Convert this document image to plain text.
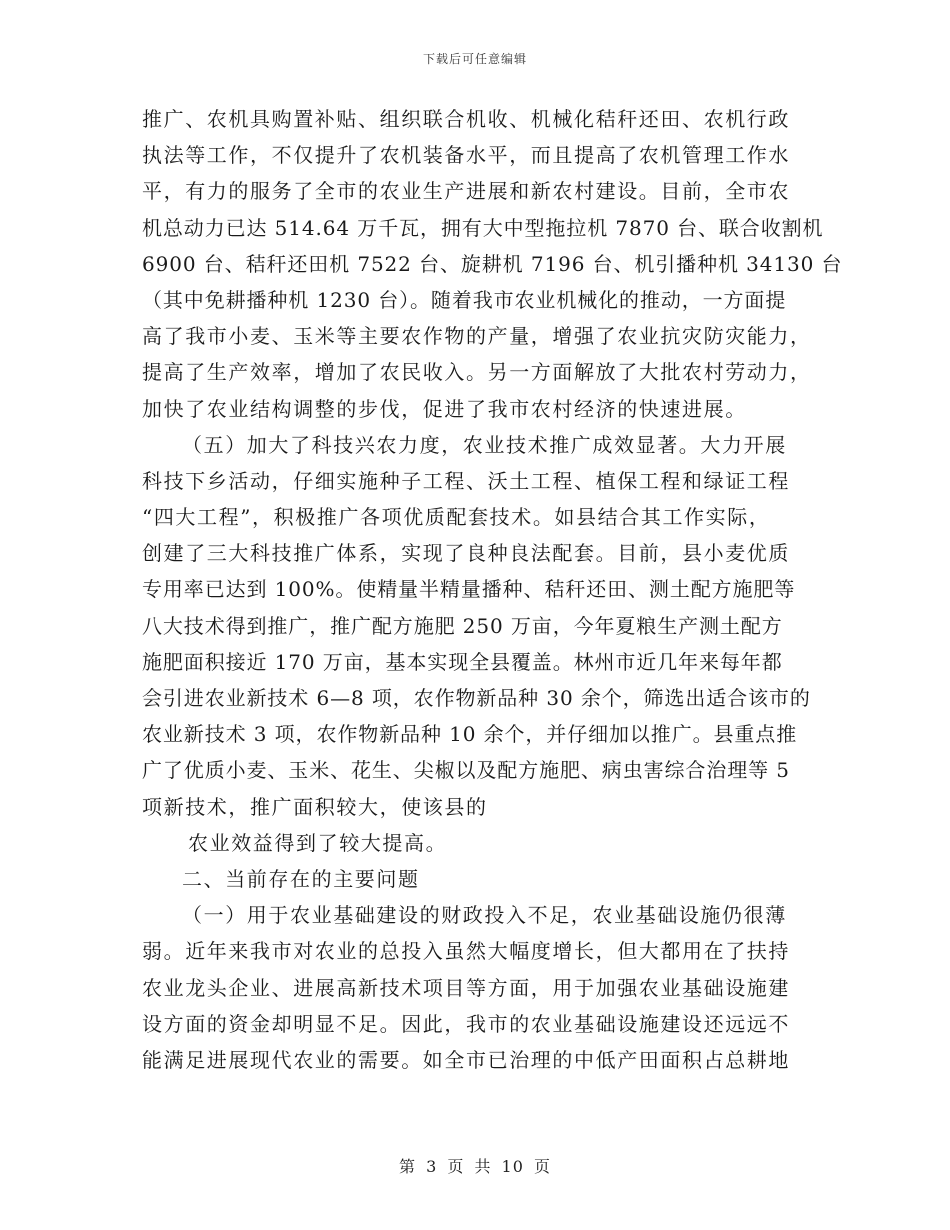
下载后可任意编辑
推广、农机具购置补贴、组织联合机收、机械化秸秆还田、农机行政
执法等工作，不仅提升了农机装备水平，而且提高了农机管理工作水
平，有力的服务了全市的农业生产进展和新农村建设。目前，全市农
机总动力已达 514.64 万千瓦，拥有大中型拖拉机 7870 台、联合收割机
6900 台、秸秆还田机 7522 台、旋耕机 7196 台、机引播种机 34130 台
（其中免耕播种机 1230 台）。随着我市农业机械化的推动，一方面提
高了我市小麦、玉米等主要农作物的产量，增强了农业抗灾防灾能力，
提高了生产效率，增加了农民收入。另一方面解放了大批农村劳动力，
加快了农业结构调整的步伐，促进了我市农村经济的快速进展。
（五）加大了科技兴农力度，农业技术推广成效显著。大力开展
科技下乡活动，仔细实施种子工程、沃土工程、植保工程和绿证工程
“四大工程”，积极推广各项优质配套技术。如县结合其工作实际，
创建了三大科技推广体系，实现了良种良法配套。目前，县小麦优质
专用率已达到 100%。使精量半精量播种、秸秆还田、测土配方施肥等
八大技术得到推广，推广配方施肥 250 万亩，今年夏粮生产测土配方
施肥面积接近 170 万亩，基本实现全县覆盖。林州市近几年来每年都
会引进农业新技术 6—8 项，农作物新品种 30 余个，筛选出适合该市的
农业新技术 3 项，农作物新品种 10 余个，并仔细加以推广。县重点推
广了优质小麦、玉米、花生、尖椒以及配方施肥、病虫害综合治理等 5
项新技术，推广面积较大，使该县的
农业效益得到了较大提高。
二、当前存在的主要问题
（一）用于农业基础建设的财政投入不足，农业基础设施仍很薄
弱。近年来我市对农业的总投入虽然大幅度增长，但大都用在了扶持
农业龙头企业、进展高新技术项目等方面，用于加强农业基础设施建
设方面的资金却明显不足。因此，我市的农业基础设施建设还远远不
能满足进展现代农业的需要。如全市已治理的中低产田面积占总耕地
第 3 页 共 10 页
